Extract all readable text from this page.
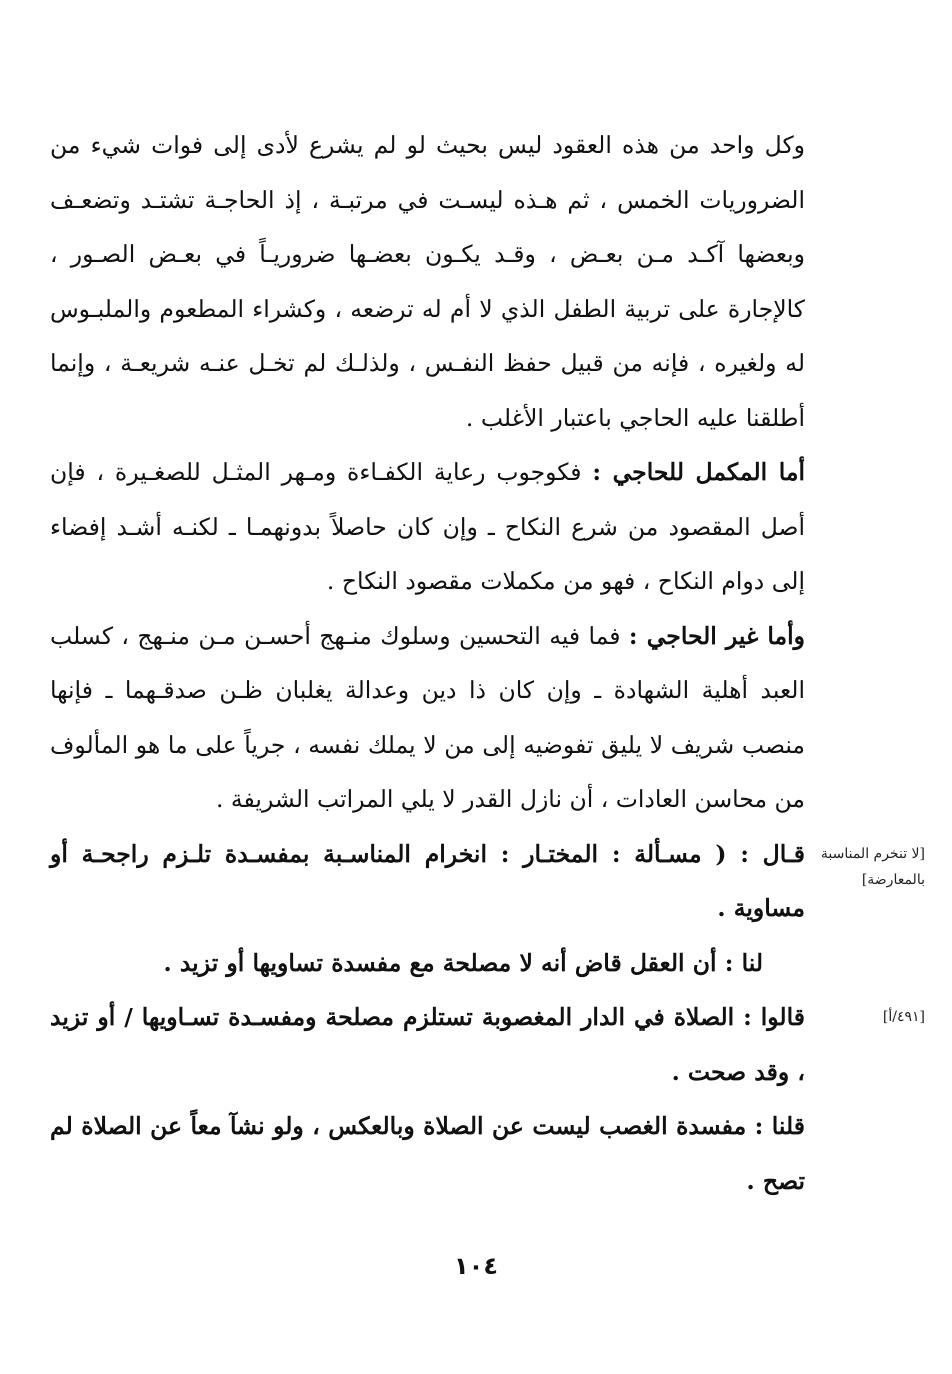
وكل واحد من هذه العقود ليس بحيث لو لم يشرع لأدى إلى فوات شيء من الضروريات الخمس ، ثم هـذه ليسـت في مرتبـة ، إذ الحاجـة تشتـد وتضعـف وبعضها آكـد مـن بعـض ، وقـد يكـون بعضـها ضروريـاً في بعـض الصـور ، كالإجارة على تربية الطفل الذي لا أم له ترضعه ، وكشراء المطعوم والملبـوس له ولغيره ، فإنه من قبيل حفظ النفـس ، ولذلـك لم تخـل عنـه شريعـة ، وإنما أطلقنا عليه الحاجي باعتبار الأغلب .

أما المكمل للحاجي : فكوجوب رعاية الكفـاءة ومـهر المثـل للصغـيرة ، فإن أصل المقصود من شرع النكاح ـ وإن كان حاصلاً بدونهمـا ـ لكنـه أشـد إفضاء إلى دوام النكاح ، فهو من مكملات مقصود النكاح .

وأما غير الحاجي : فما فيه التحسين وسلوك منـهج أحسـن مـن منـهج ، كسلب العبد أهلية الشهادة ـ وإن كان ذا دين وعدالة يغلبان ظـن صدقـهما ـ فإنها منصب شريف لا يليق تفوضيه إلى من لا يملك نفسه ، جرياً على ما هو المألوف من محاسن العادات ، أن نازل القدر لا يلي المراتب الشريفة .

[لا تنخرم المناسبة بالمعارضة]

قـال : ( مسـألة : المختـار : انخرام المناسـبة بمفسـدة تلـزم راجحـة أو مساوية .

لنا : أن العقل قاض أنه لا مصلحة مع مفسدة تساويها أو تزيد .

[٤٩١/أ]

قالوا : الصلاة في الدار المغصوبة تستلزم مصلحة ومفسـدة تسـاويها / أو تزيد ، وقد صحت .

قلنا : مفسدة الغصب ليست عن الصلاة وبالعكس ، ولو نشآ معاً عن الصلاة لم تصح .

١٠٤
